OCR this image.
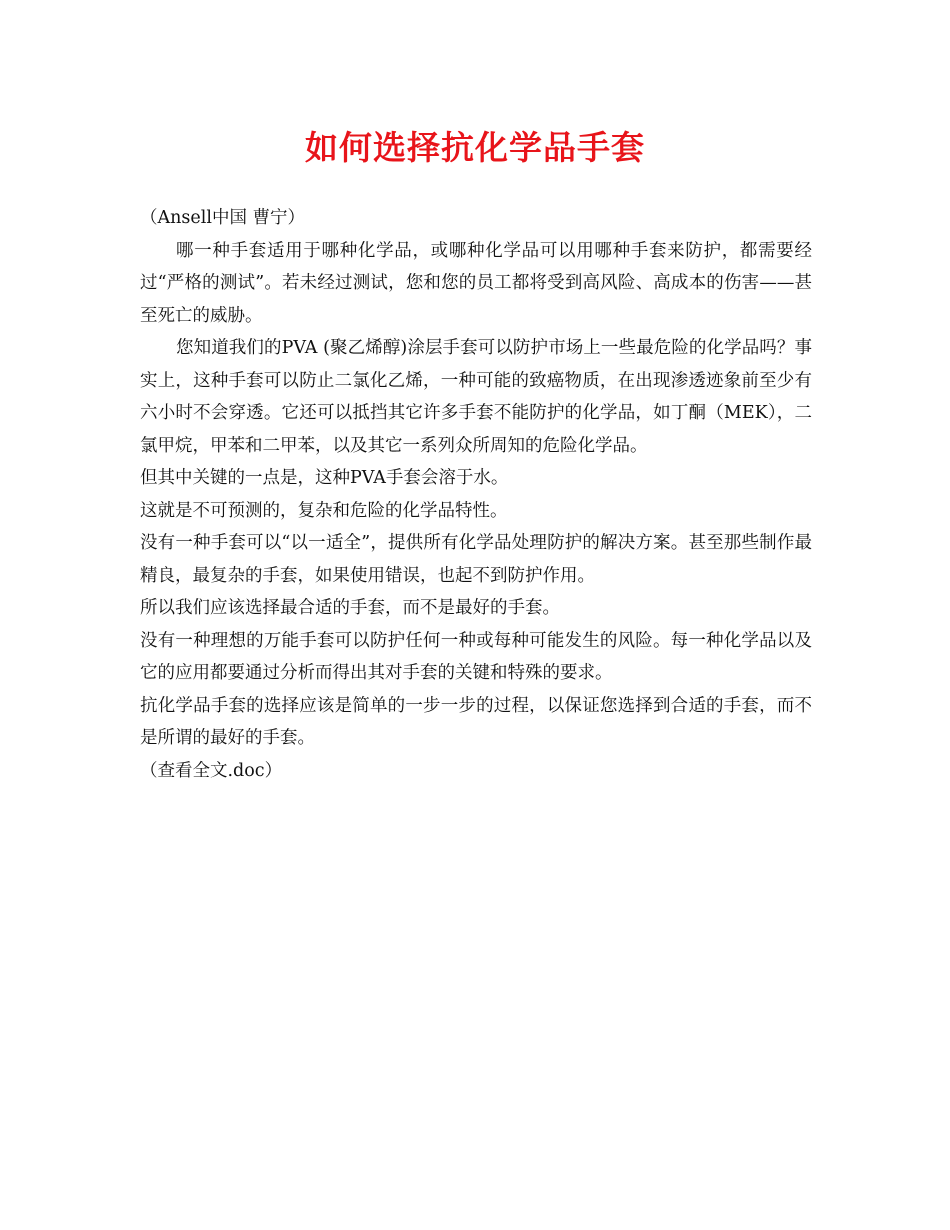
如何选择抗化学品手套

（Ansell中国 曹宁）

哪一种手套适用于哪种化学品，或哪种化学品可以用哪种手套来防护，都需要经过“严格的测试”。若未经过测试，您和您的员工都将受到高风险、高成本的伤害——甚至死亡的威胁。

您知道我们的PVA (聚乙烯醇)涂层手套可以防护市场上一些最危险的化学品吗？事实上，这种手套可以防止二氯化乙烯，一种可能的致癌物质，在出现渗透迹象前至少有六小时不会穿透。它还可以抵挡其它许多手套不能防护的化学品，如丁酮（MEK），二氯甲烷，甲苯和二甲苯，以及其它一系列众所周知的危险化学品。

但其中关键的一点是，这种PVA手套会溶于水。

这就是不可预测的，复杂和危险的化学品特性。

没有一种手套可以“以一适全”，提供所有化学品处理防护的解决方案。甚至那些制作最精良，最复杂的手套，如果使用错误，也起不到防护作用。

所以我们应该选择最合适的手套，而不是最好的手套。

没有一种理想的万能手套可以防护任何一种或每种可能发生的风险。每一种化学品以及它的应用都要通过分析而得出其对手套的关键和特殊的要求。

抗化学品手套的选择应该是简单的一步一步的过程，以保证您选择到合适的手套，而不是所谓的最好的手套。

（查看全文.doc）
